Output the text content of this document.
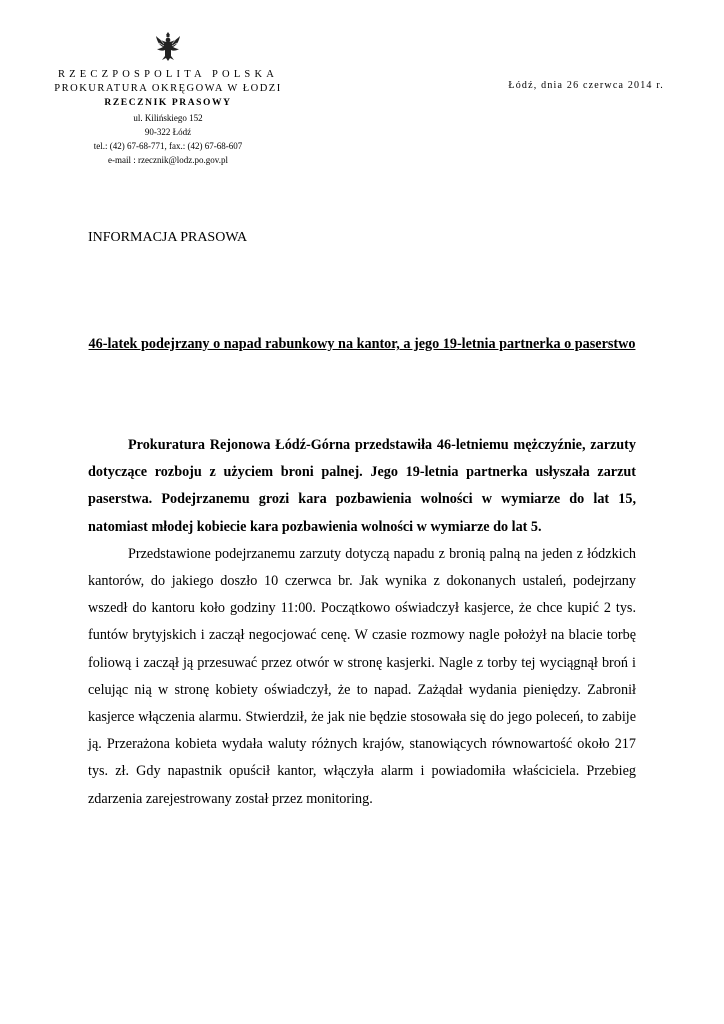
RZECZPOSPOLITA POLSKA
PROKURATURA OKRĘGOWA W ŁODZI
RZECZNIK PRASOWY
ul. Kilińskiego 152
90-322 Łódź
tel.: (42) 67-68-771, fax.: (42) 67-68-607
e-mail : rzecznik@lodz.po.gov.pl
Łódź, dnia 26 czerwca 2014 r.
INFORMACJA PRASOWA
46-latek podejrzany o napad rabunkowy na kantor, a jego 19-letnia partnerka o paserstwo

Prokuratura Rejonowa Łódź-Górna przedstawiła 46-letniemu mężczyźnie, zarzuty dotyczące rozboju z użyciem broni palnej. Jego 19-letnia partnerka usłyszała zarzut paserstwa. Podejrzanemu grozi kara pozbawienia wolności w wymiarze do lat 15, natomiast młodej kobiecie kara pozbawienia wolności w wymiarze do lat 5.

Przedstawione podejrzanemu zarzuty dotyczą napadu z bronią palną na jeden z łódzkich kantorów, do jakiego doszło 10 czerwca br. Jak wynika z dokonanych ustaleń, podejrzany wszedł do kantoru koło godziny 11:00. Początkowo oświadczył kasjerce, że chce kupić 2 tys. funtów brytyjskich i zaczął negocjować cenę. W czasie rozmowy nagle położył na blacie torbę foliową i zaczął ją przesuwać przez otwór w stronę kasjerki. Nagle z torby tej wyciągnął broń i celując nią w stronę kobiety oświadczył, że to napad. Zażądał wydania pieniędzy. Zabronił kasjerce włączenia alarmu. Stwierdził, że jak nie będzie stosowała się do jego poleceń, to zabije ją. Przerażona kobieta wydała waluty różnych krajów, stanowiących równowartość około 217 tys. zł. Gdy napastnik opuścił kantor, włączyła alarm i powiadomiła właściciela. Przebieg zdarzenia zarejestrowany został przez monitoring.
